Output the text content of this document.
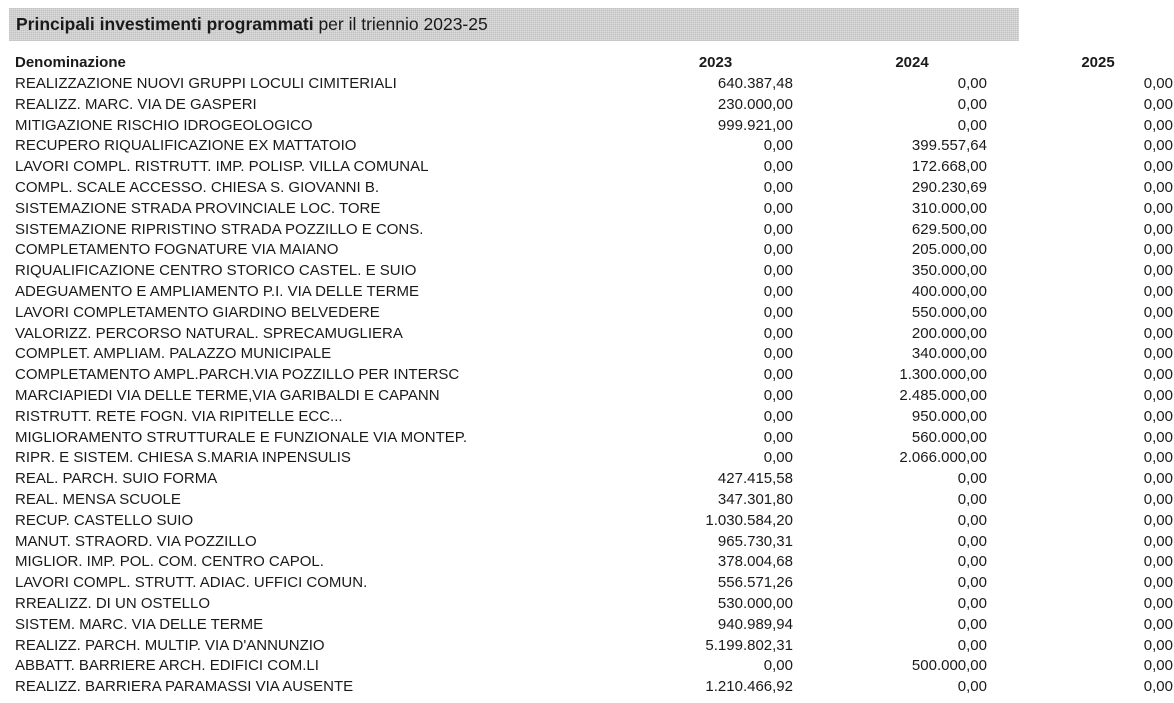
Principali investimenti programmati per il triennio 2023-25
Denominazione	2023	2024	2025
REALIZZAZIONE NUOVI GRUPPI LOCULI CIMITERIALI	640.387,48	0,00	0,00
REALIZZ. MARC. VIA DE GASPERI	230.000,00	0,00	0,00
MITIGAZIONE RISCHIO IDROGEOLOGICO	999.921,00	0,00	0,00
RECUPERO RIQUALIFICAZIONE EX MATTATOIO	0,00	399.557,64	0,00
LAVORI COMPL. RISTRUTT. IMP. POLISP. VILLA COMUNAL	0,00	172.668,00	0,00
COMPL. SCALE ACCESSO. CHIESA S. GIOVANNI B.	0,00	290.230,69	0,00
SISTEMAZIONE STRADA PROVINCIALE LOC. TORE	0,00	310.000,00	0,00
SISTEMAZIONE RIPRISTINO STRADA POZZILLO E CONS.	0,00	629.500,00	0,00
COMPLETAMENTO FOGNATURE VIA MAIANO	0,00	205.000,00	0,00
RIQUALIFICAZIONE CENTRO STORICO CASTEL. E SUIO	0,00	350.000,00	0,00
ADEGUAMENTO E AMPLIAMENTO P.I. VIA DELLE TERME	0,00	400.000,00	0,00
LAVORI COMPLETAMENTO GIARDINO BELVEDERE	0,00	550.000,00	0,00
VALORIZZ. PERCORSO NATURAL. SPRECAMUGLIERA	0,00	200.000,00	0,00
COMPLET. AMPLIAM. PALAZZO MUNICIPALE	0,00	340.000,00	0,00
COMPLETAMENTO AMPL.PARCH.VIA POZZILLO PER INTERSC	0,00	1.300.000,00	0,00
MARCIAPIEDI VIA DELLE TERME,VIA GARIBALDI E CAPANN	0,00	2.485.000,00	0,00
RISTRUTT. RETE FOGN. VIA RIPITELLE ECC...	0,00	950.000,00	0,00
MIGLIORAMENTO STRUTTURALE E FUNZIONALE VIA MONTEP.	0,00	560.000,00	0,00
RIPR. E SISTEM. CHIESA S.MARIA INPENSULIS	0,00	2.066.000,00	0,00
REAL. PARCH. SUIO FORMA	427.415,58	0,00	0,00
REAL. MENSA SCUOLE	347.301,80	0,00	0,00
RECUP. CASTELLO SUIO	1.030.584,20	0,00	0,00
MANUT. STRAORD. VIA POZZILLO	965.730,31	0,00	0,00
MIGLIOR. IMP. POL. COM. CENTRO CAPOL.	378.004,68	0,00	0,00
LAVORI COMPL. STRUTT. ADIAC. UFFICI COMUN.	556.571,26	0,00	0,00
RREALIZZ. DI UN OSTELLO	530.000,00	0,00	0,00
SISTEM. MARC. VIA DELLE TERME	940.989,94	0,00	0,00
REALIZZ. PARCH. MULTIP. VIA D'ANNUNZIO	5.199.802,31	0,00	0,00
ABBATT. BARRIERE ARCH. EDIFICI COM.LI	0,00	500.000,00	0,00
REALIZZ. BARRIERA PARAMASSI VIA AUSENTE	1.210.466,92	0,00	0,00
